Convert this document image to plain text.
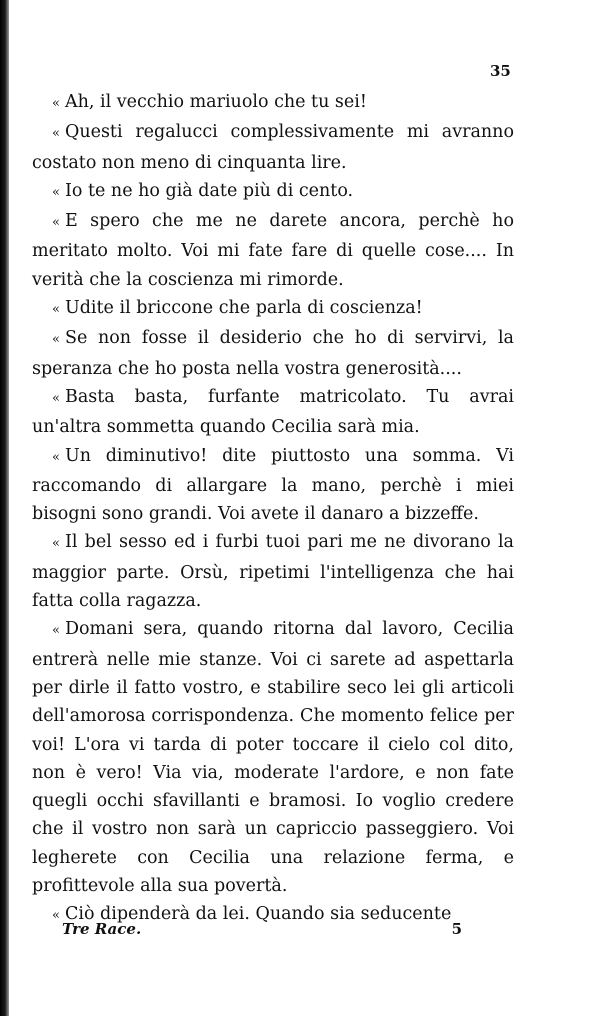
35

« Ah, il vecchio mariuolo che tu sei!

« Questi regalucci complessivamente mi avranno costato non meno di cinquanta lire.

« Io te ne ho già date più di cento.

« E spero che me ne darete ancora, perchè ho meritato molto. Voi mi fate fare di quelle cose.... In verità che la coscienza mi rimorde.

« Udite il briccone che parla di coscienza!

« Se non fosse il desiderio che ho di servirvi, la speranza che ho posta nella vostra generosità....

« Basta basta, furfante matricolato. Tu avrai un'altra sommetta quando Cecilia sarà mia.

« Un diminutivo! dite piuttosto una somma. Vi raccomando di allargare la mano, perchè i miei bisogni sono grandi. Voi avete il danaro a bizzeffe.

« Il bel sesso ed i furbi tuoi pari me ne divorano la maggior parte. Orsù, ripetimi l'intelligenza che hai fatta colla ragazza.

« Domani sera, quando ritorna dal lavoro, Cecilia entrerà nelle mie stanze. Voi ci sarete ad aspettarla per dirle il fatto vostro, e stabilire seco lei gli articoli dell'amorosa corrispondenza. Che momento felice per voi! L'ora vi tarda di poter toccare il cielo col dito, non è vero! Via via, moderate l'ardore, e non fate quegli occhi sfavillanti e bramosi. Io voglio credere che il vostro non sarà un capriccio passeggiero. Voi legherete con Cecilia una relazione ferma, e profittevole alla sua povertà.

« Ciò dipenderà da lei. Quando sia seducente

Tre Race.	5
